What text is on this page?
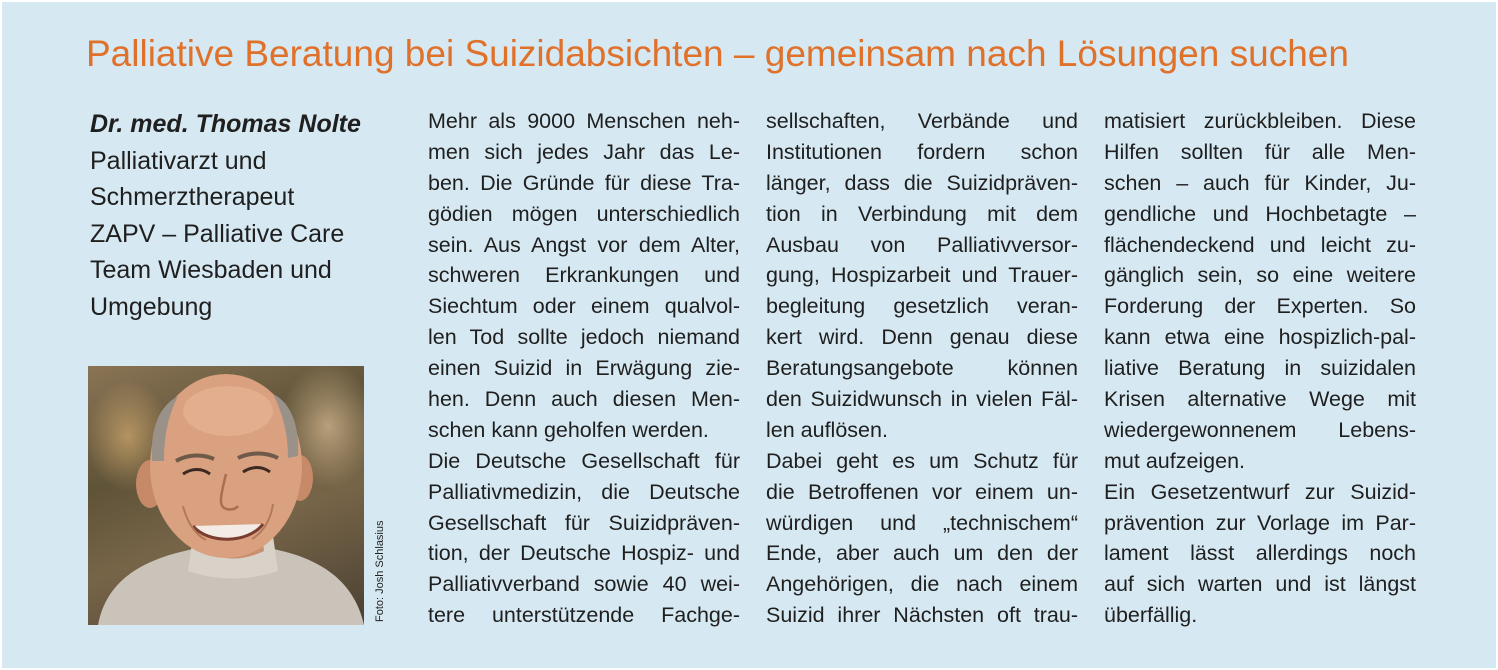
Palliative Beratung bei Suizidabsichten – gemeinsam nach Lösungen suchen
Dr. med. Thomas Nolte
Palliativarzt und
Schmerztherapeut
ZAPV – Palliative Care
Team Wiesbaden und
Umgebung
Foto: Josh Schlasius
Mehr als 9000 Menschen neh-
men sich jedes Jahr das Le-
ben. Die Gründe für diese Tra-
gödien mögen unterschiedlich
sein. Aus Angst vor dem Alter,
schweren Erkrankungen und
Siechtum oder einem qualvol-
len Tod sollte jedoch niemand
einen Suizid in Erwägung zie-
hen. Denn auch diesen Men-
schen kann geholfen werden.
Die Deutsche Gesellschaft für
Palliativmedizin, die Deutsche
Gesellschaft für Suizidpräven-
tion, der Deutsche Hospiz- und
Palliativverband sowie 40 wei-
tere unterstützende Fachge-
sellschaften, Verbände und
Institutionen fordern schon
länger, dass die Suizidpräven-
tion in Verbindung mit dem
Ausbau von Palliativversor-
gung, Hospizarbeit und Trauer-
begleitung gesetzlich veran-
kert wird. Denn genau diese
Beratungsangebote können
den Suizidwunsch in vielen Fäl-
len auflösen.
Dabei geht es um Schutz für
die Betroffenen vor einem un-
würdigen und „technischem“
Ende, aber auch um den der
Angehörigen, die nach einem
Suizid ihrer Nächsten oft trau-
matisiert zurückbleiben. Diese
Hilfen sollten für alle Men-
schen – auch für Kinder, Ju-
gendliche und Hochbetagte –
flächendeckend und leicht zu-
gänglich sein, so eine weitere
Forderung der Experten. So
kann etwa eine hospizlich-pal-
liative Beratung in suizidalen
Krisen alternative Wege mit
wiedergewonnenem Lebens-
mut aufzeigen.
Ein Gesetzentwurf zur Suizid-
prävention zur Vorlage im Par-
lament lässt allerdings noch
auf sich warten und ist längst
überfällig.
